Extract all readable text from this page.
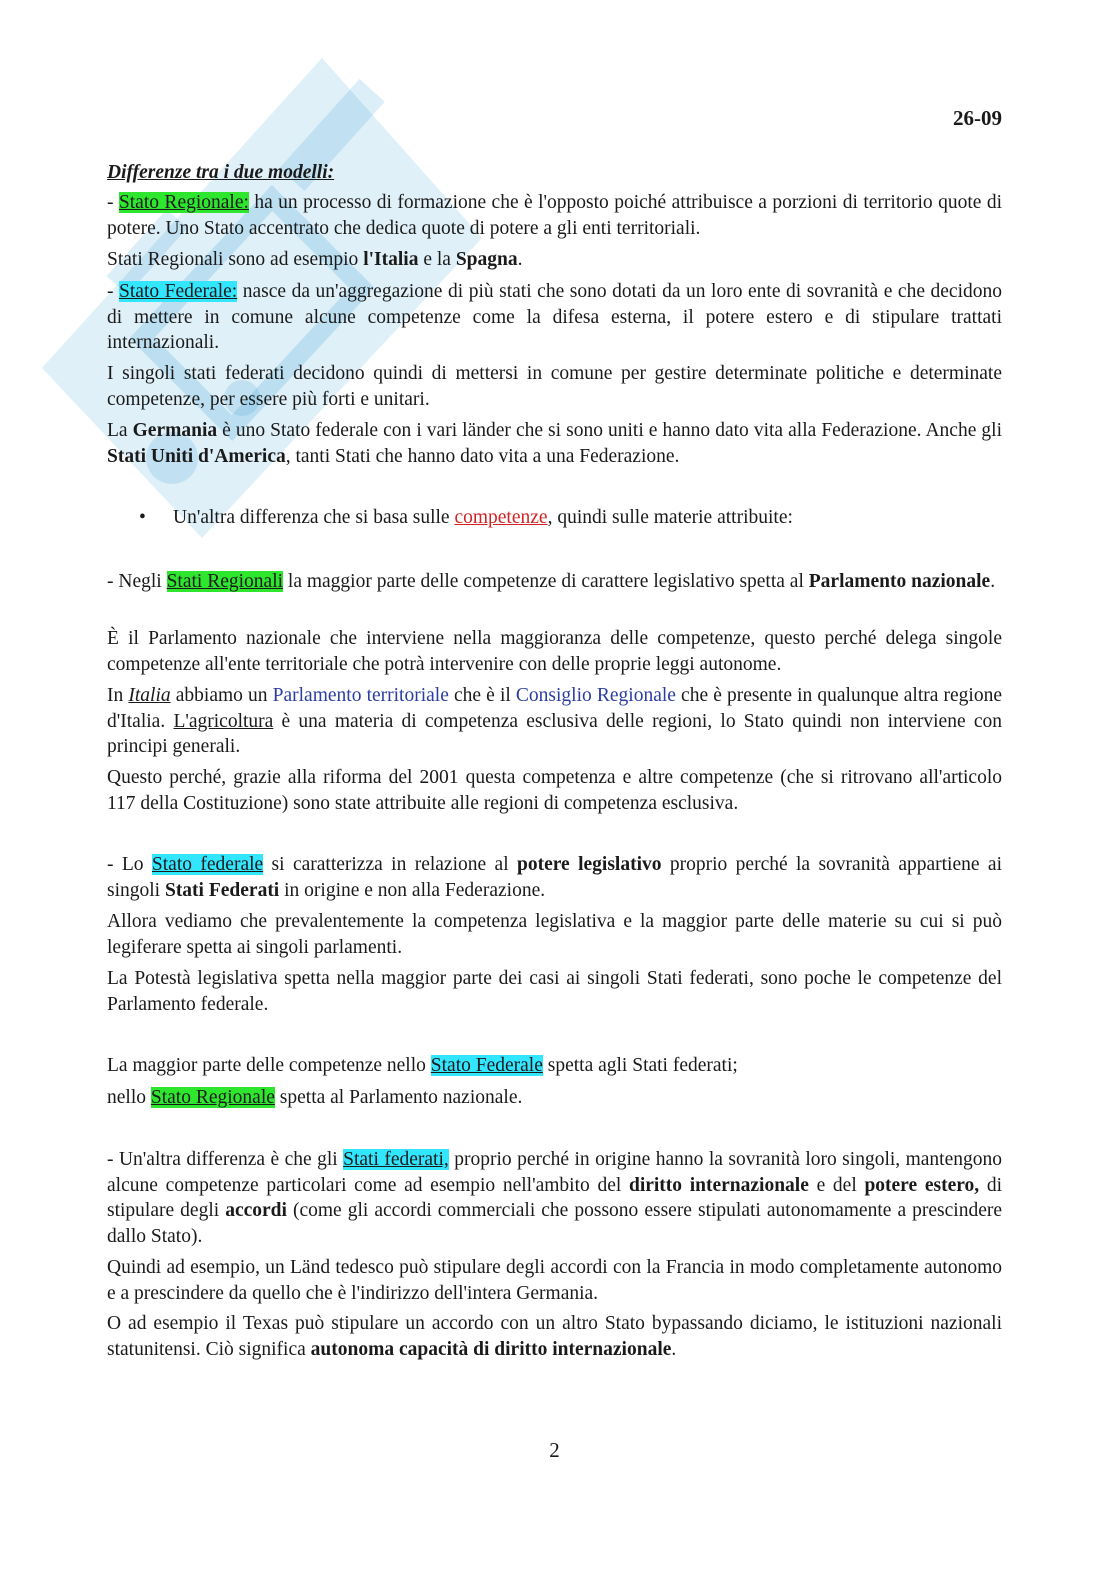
26-09

Differenze tra i due modelli:

- Stato Regionale: ha un processo di formazione che è l'opposto poiché attribuisce a porzioni di territorio quote di potere. Uno Stato accentrato che dedica quote di potere a gli enti territoriali.

Stati Regionali sono ad esempio l'Italia e la Spagna.

- Stato Federale: nasce da un'aggregazione di più stati che sono dotati da un loro ente di sovranità e che decidono di mettere in comune alcune competenze come la difesa esterna, il potere estero e di stipulare trattati internazionali.

I singoli stati federati decidono quindi di mettersi in comune per gestire determinate politiche e determinate competenze, per essere più forti e unitari.

La Germania è uno Stato federale con i vari länder che si sono uniti e hanno dato vita alla Federazione. Anche gli Stati Uniti d'America, tanti Stati che hanno dato vita a una Federazione.

• Un'altra differenza che si basa sulle competenze, quindi sulle materie attribuite:

- Negli Stati Regionali la maggior parte delle competenze di carattere legislativo spetta al Parlamento nazionale.

È il Parlamento nazionale che interviene nella maggioranza delle competenze, questo perché delega singole competenze all'ente territoriale che potrà intervenire con delle proprie leggi autonome.

In Italia abbiamo un Parlamento territoriale che è il Consiglio Regionale che è presente in qualunque altra regione d'Italia. L'agricoltura è una materia di competenza esclusiva delle regioni, lo Stato quindi non interviene con principi generali.

Questo perché, grazie alla riforma del 2001 questa competenza e altre competenze (che si ritrovano all'articolo 117 della Costituzione) sono state attribuite alle regioni di competenza esclusiva.

- Lo Stato federale si caratterizza in relazione al potere legislativo proprio perché la sovranità appartiene ai singoli Stati Federati in origine e non alla Federazione.

Allora vediamo che prevalentemente la competenza legislativa e la maggior parte delle materie su cui si può legiferare spetta ai singoli parlamenti.

La Potestà legislativa spetta nella maggior parte dei casi ai singoli Stati federati, sono poche le competenze del Parlamento federale.

La maggior parte delle competenze nello Stato Federale spetta agli Stati federati;

nello Stato Regionale spetta al Parlamento nazionale.

- Un'altra differenza è che gli Stati federati, proprio perché in origine hanno la sovranità loro singoli, mantengono alcune competenze particolari come ad esempio nell'ambito del diritto internazionale e del potere estero, di stipulare degli accordi (come gli accordi commerciali che possono essere stipulati autonomamente a prescindere dallo Stato).

Quindi ad esempio, un Länd tedesco può stipulare degli accordi con la Francia in modo completamente autonomo e a prescindere da quello che è l'indirizzo dell'intera Germania.

O ad esempio il Texas può stipulare un accordo con un altro Stato bypassando diciamo, le istituzioni nazionali statunitensi. Ciò significa autonoma capacità di diritto internazionale.

2
